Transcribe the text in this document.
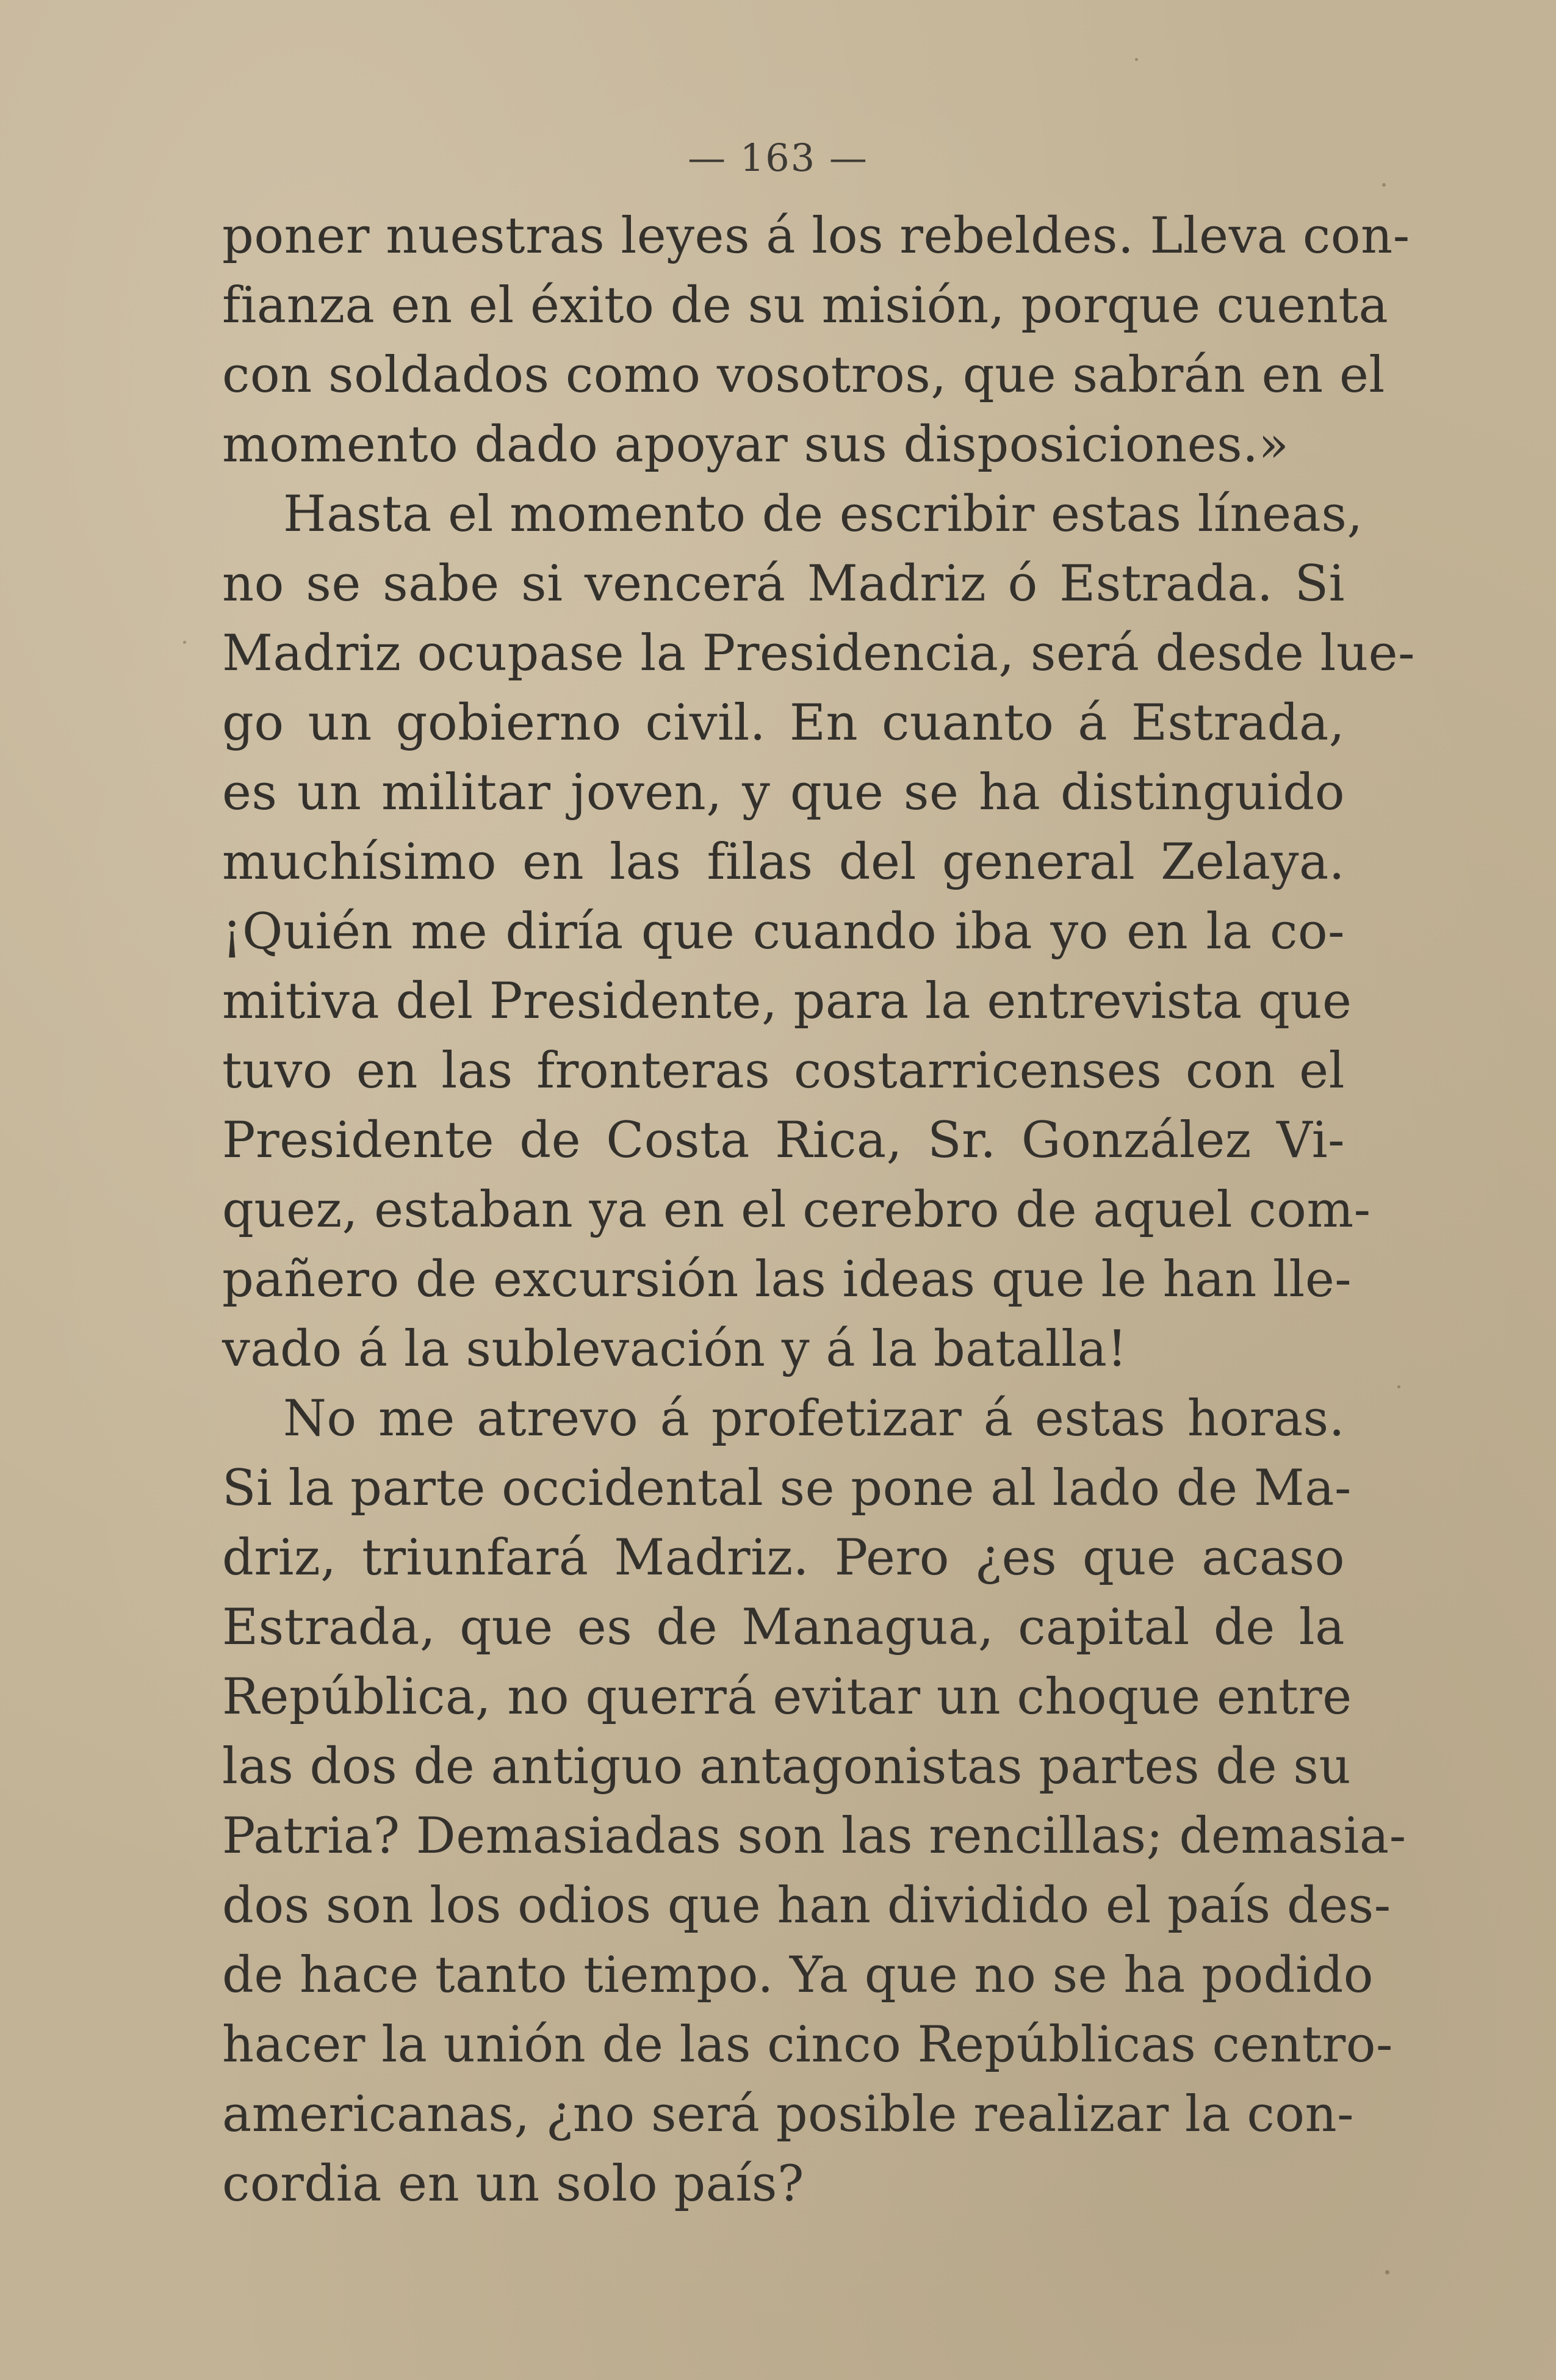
— 163 —
poner nuestras leyes á los rebeldes. Lleva con-
fianza en el éxito de su misión, porque cuenta
con soldados como vosotros, que sabrán en el
momento dado apoyar sus disposiciones.»
Hasta el momento de escribir estas líneas,
no se sabe si vencerá Madriz ó Estrada. Si
Madriz ocupase la Presidencia, será desde lue-
go un gobierno civil. En cuanto á Estrada,
es un militar joven, y que se ha distinguido
muchísimo en las filas del general Zelaya.
¡Quién me diría que cuando iba yo en la co-
mitiva del Presidente, para la entrevista que
tuvo en las fronteras costarricenses con el
Presidente de Costa Rica, Sr. González Vi-
quez, estaban ya en el cerebro de aquel com-
pañero de excursión las ideas que le han lle-
vado á la sublevación y á la batalla!
No me atrevo á profetizar á estas horas.
Si la parte occidental se pone al lado de Ma-
driz, triunfará Madriz. Pero ¿es que acaso
Estrada, que es de Managua, capital de la
República, no querrá evitar un choque entre
las dos de antiguo antagonistas partes de su
Patria? Demasiadas son las rencillas; demasia-
dos son los odios que han dividido el país des-
de hace tanto tiempo. Ya que no se ha podido
hacer la unión de las cinco Repúblicas centro-
americanas, ¿no será posible realizar la con-
cordia en un solo país?
